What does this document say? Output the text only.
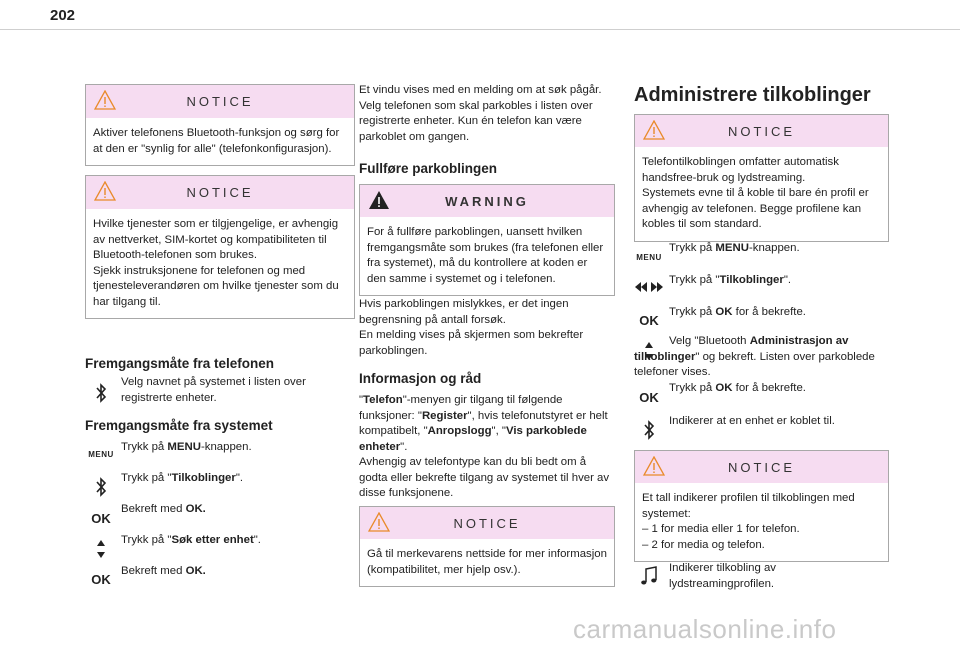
202
NOTICE
Aktiver telefonens Bluetooth-funksjon og sørg for at den er "synlig for alle" (telefonkonfigurasjon).
NOTICE
Hvilke tjenester som er tilgjengelige, er avhengig av nettverket, SIM-kortet og kompatibiliteten til Bluetooth-telefonen som brukes.
Sjekk instruksjonene for telefonen og med tjenesteleverandøren om hvilke tjenester som du har tilgang til.
Fremgangsmåte fra telefonen
Velg navnet på systemet i listen over registrerte enheter.
Fremgangsmåte fra systemet
MENU
Trykk på MENU-knappen.
Trykk på "Tilkoblinger".
OK
Bekreft med OK.
Trykk på "Søk etter enhet".
OK
Bekreft med OK.
Et vindu vises med en melding om at søk pågår.
Velg telefonen som skal parkobles i listen over registrerte enheter. Kun én telefon kan være parkoblet om gangen.
Fullføre parkoblingen
WARNING
For å fullføre parkoblingen, uansett hvilken fremgangsmåte som brukes (fra telefonen eller fra systemet), må du kontrollere at koden er den samme i systemet og i telefonen.
Hvis parkoblingen mislykkes, er det ingen begrensning på antall forsøk.
En melding vises på skjermen som bekrefter parkoblingen.
Informasjon og råd
"Telefon"-menyen gir tilgang til følgende funksjoner: "Register", hvis telefonutstyret er helt kompatibelt, "Anropslogg", "Vis parkoblede enheter".
Avhengig av telefontype kan du bli bedt om å godta eller bekrefte tilgang av systemet til hver av disse funksjonene.
NOTICE
Gå til merkevarens nettside for mer informasjon (kompatibilitet, mer hjelp osv.).
Administrere tilkoblinger
NOTICE
Telefontilkoblingen omfatter automatisk handsfree-bruk og lydstreaming.
Systemets evne til å koble til bare én profil er avhengig av telefonen. Begge profilene kan kobles til som standard.
MENU
Trykk på MENU-knappen.
Trykk på "Tilkoblinger".
OK
Trykk på OK for å bekrefte.
Velg "Bluetooth Administrasjon av tilkoblinger" og bekreft. Listen over parkoblede telefoner vises.
OK
Trykk på OK for å bekrefte.
Indikerer at en enhet er koblet til.
NOTICE
Et tall indikerer profilen til tilkoblingen med systemet:
– 1 for media eller 1 for telefon.
– 2 for media og telefon.
Indikerer tilkobling av lydstreamingprofilen.
carmanualsonline.info
